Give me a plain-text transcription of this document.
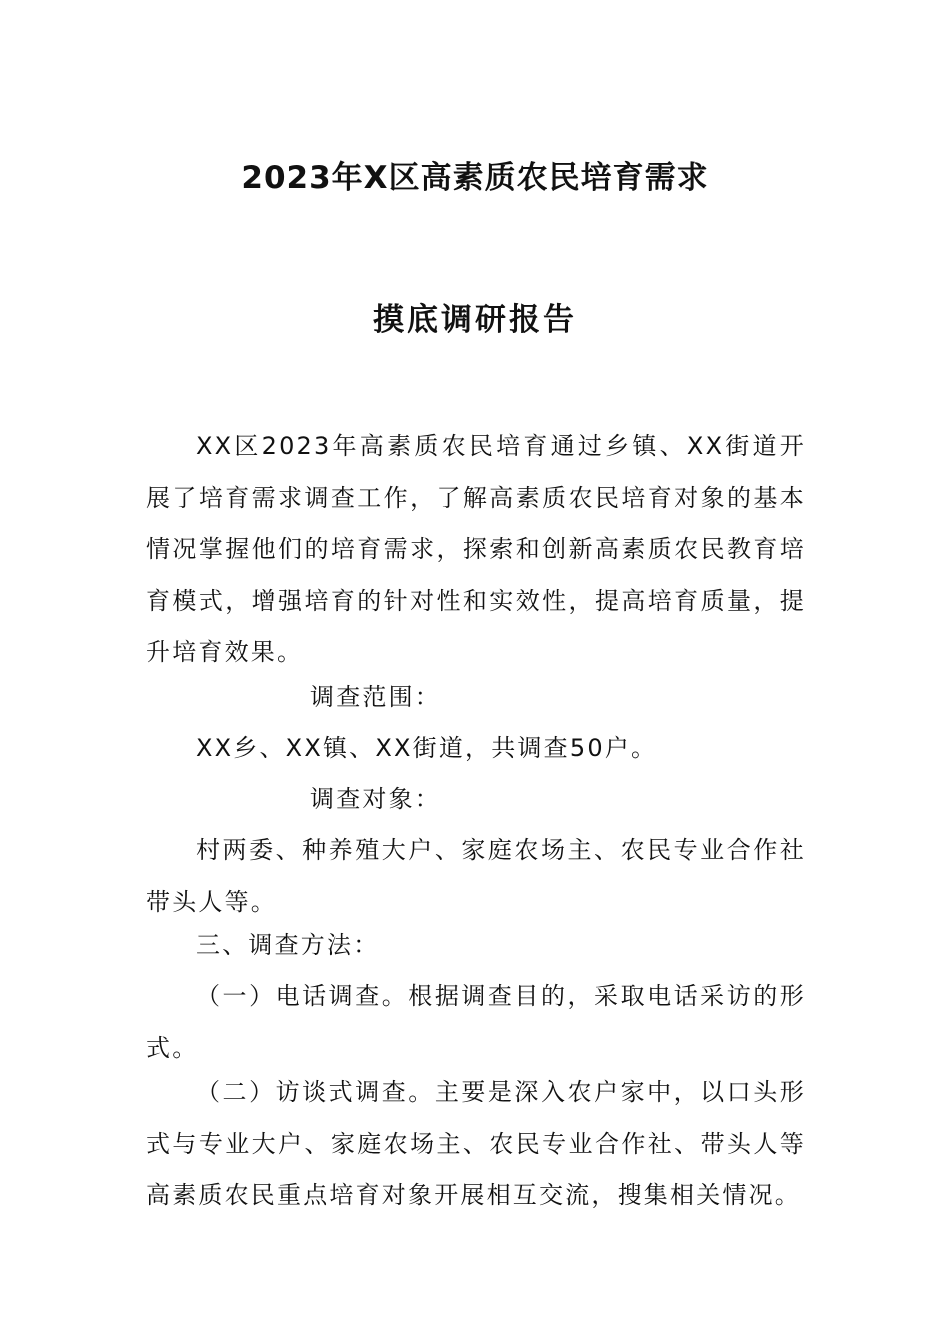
2023年X区高素质农民培育需求
摸底调研报告

XX区2023年高素质农民培育通过乡镇、XX街道开展了培育需求调查工作，了解高素质农民培育对象的基本情况掌握他们的培育需求，探索和创新高素质农民教育培育模式，增强培育的针对性和实效性，提高培育质量，提升培育效果。

调查范围：

XX乡、XX镇、XX街道，共调查50户。

调查对象：

村两委、种养殖大户、家庭农场主、农民专业合作社带头人等。

三、调查方法：

（一）电话调查。根据调查目的，采取电话采访的形式。

（二）访谈式调查。主要是深入农户家中，以口头形式与专业大户、家庭农场主、农民专业合作社、带头人等高素质农民重点培育对象开展相互交流，搜集相关情况。
